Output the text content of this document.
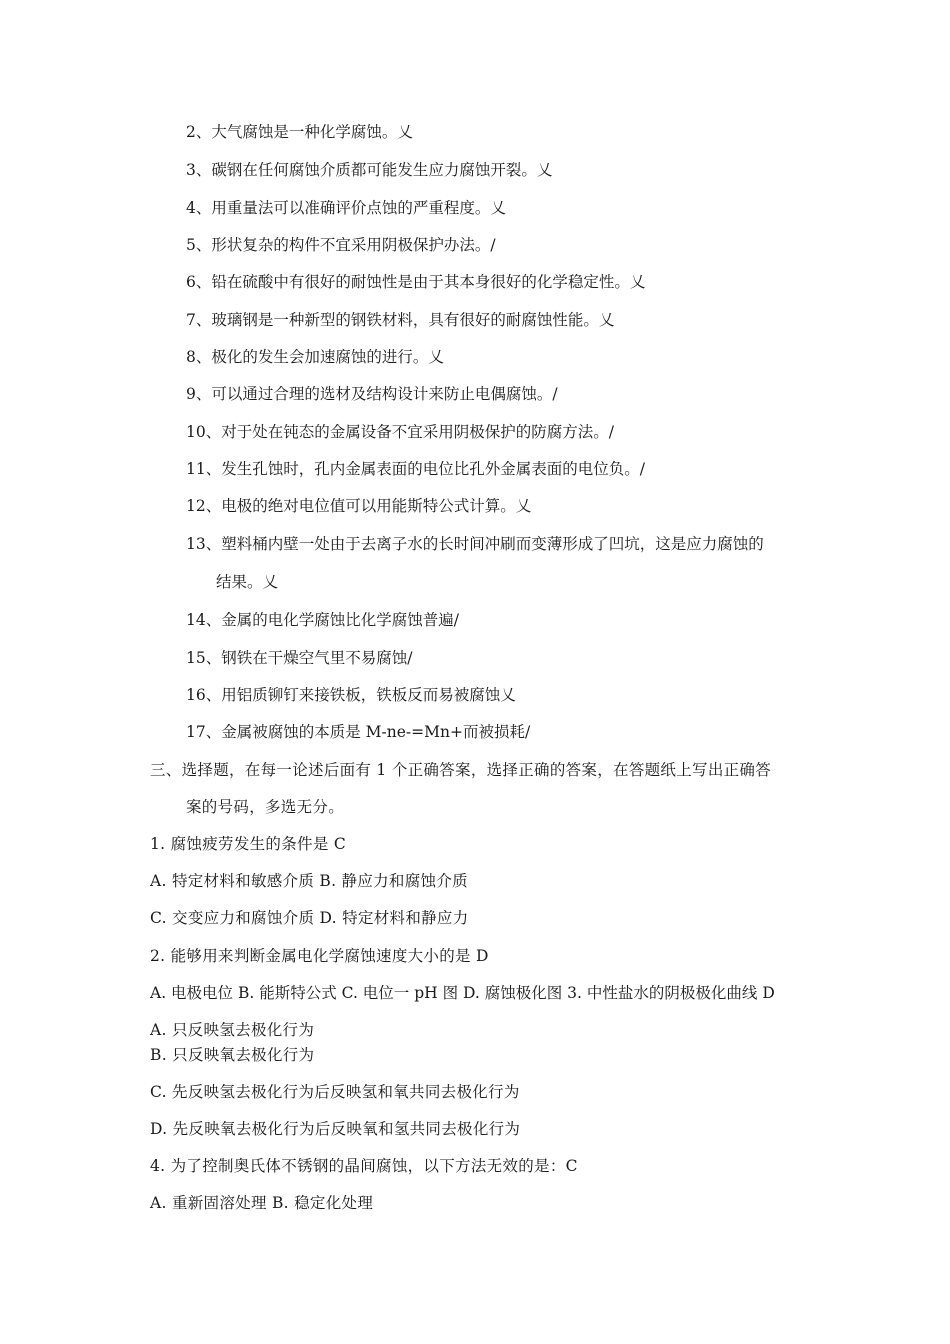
2、大气腐蚀是一种化学腐蚀。乂
3、碳钢在任何腐蚀介质都可能发生应力腐蚀开裂。乂
4、用重量法可以准确评价点蚀的严重程度。乂
5、形状复杂的构件不宜采用阴极保护办法。/
6、铅在硫酸中有很好的耐蚀性是由于其本身很好的化学稳定性。乂
7、玻璃钢是一种新型的钢铁材料，具有很好的耐腐蚀性能。乂
8、极化的发生会加速腐蚀的进行。乂
9、可以通过合理的选材及结构设计来防止电偶腐蚀。/
10、对于处在钝态的金属设备不宜采用阴极保护的防腐方法。/
11、发生孔蚀时，孔内金属表面的电位比孔外金属表面的电位负。/
12、电极的绝对电位值可以用能斯特公式计算。乂
13、塑料桶内壁一处由于去离子水的长时间冲刷而变薄形成了凹坑，这是应力腐蚀的
结果。乂
14、金属的电化学腐蚀比化学腐蚀普遍/
15、钢铁在干燥空气里不易腐蚀/
16、用铝质铆钉来接铁板，铁板反而易被腐蚀乂
17、金属被腐蚀的本质是 M-ne-=Mn+而被损耗/
三、选择题，在每一论述后面有 1 个正确答案，选择正确的答案，在答题纸上写出正确答
案的号码，多选无分。
1. 腐蚀疲劳发生的条件是 C
A. 特定材料和敏感介质 B. 静应力和腐蚀介质
C. 交变应力和腐蚀介质 D. 特定材料和静应力
2. 能够用来判断金属电化学腐蚀速度大小的是 D
A. 电极电位 B. 能斯特公式 C. 电位一 pH 图 D. 腐蚀极化图 3. 中性盐水的阴极极化曲线 D
A. 只反映氢去极化行为
B. 只反映氧去极化行为
C. 先反映氢去极化行为后反映氢和氧共同去极化行为
D. 先反映氧去极化行为后反映氧和氢共同去极化行为
4. 为了控制奥氏体不锈钢的晶间腐蚀，以下方法无效的是：C
A. 重新固溶处理 B. 稳定化处理
